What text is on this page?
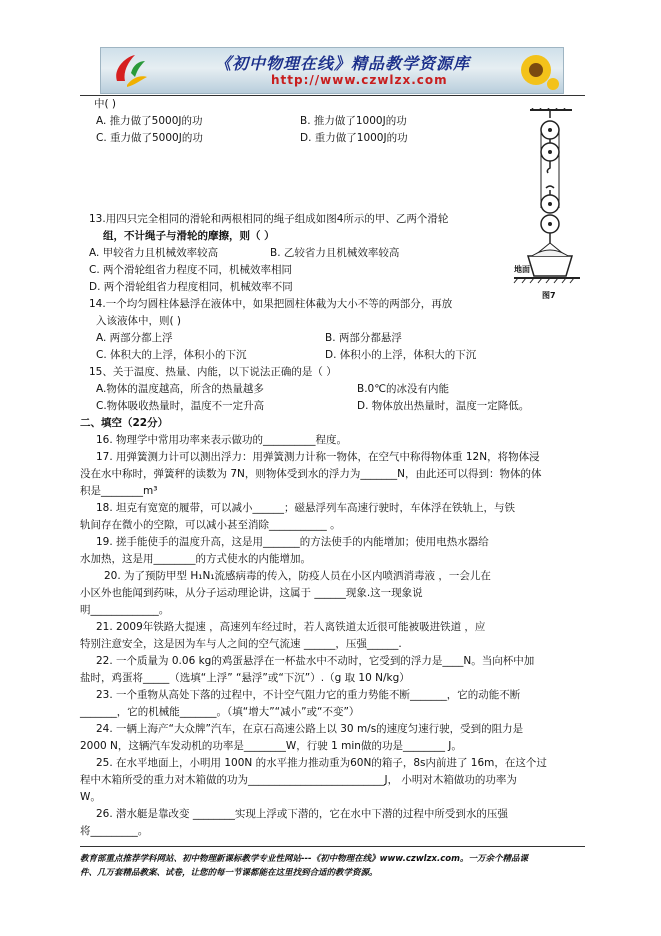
《初中物理在线》精品教学资源库
http://www.czwlzx.com
中( )
A. 推力做了5000J的功	B. 推力做了1000J的功
C. 重力做了5000J的功	D. 重力做了1000J的功
13.用四只完全相同的滑轮和两根相同的绳子组成如图4所示的甲、乙两个滑轮
组，不计绳子与滑轮的摩擦，则（ ）
A. 甲较省力且机械效率较高	B. 乙较省力且机械效率较高
C. 两个滑轮组省力程度不同，机械效率相同
D. 两个滑轮组省力程度相同，机械效率不同
14.一个均匀圆柱体悬浮在液体中，如果把圆柱体截为大小不等的两部分，再放
入该液体中，则( )
A. 两部分都上浮	B. 两部分都悬浮
C. 体积大的上浮，体积小的下沉	D. 体积小的上浮，体积大的下沉
15、关于温度、热量、内能，以下说法正确的是（ ）
A.物体的温度越高，所含的热量越多	B.0℃的冰没有内能
C.物体吸收热量时，温度不一定升高	D. 物体放出热量时，温度一定降低。
二、填空（22分）
16. 物理学中常用功率来表示做功的__________程度。
17. 用弹簧测力计可以测出浮力：用弹簧测力计称一物体，在空气中称得物体重 12N，将物体浸
没在水中称时，弹簧秤的读数为 7N，则物体受到水的浮力为_______N，由此还可以得到：物体的体
积是________m³
18. 坦克有宽宽的履带，可以减小______；磁悬浮列车高速行驶时，车体浮在铁轨上，与铁
轨间存在微小的空隙，可以减小甚至消除___________ 。
19. 搓手能使手的温度升高，这是用_______的方法使手的内能增加；使用电热水器给
水加热，这是用________的方式使水的内能增加。
20. 为了预防甲型 H₁N₁流感病毒的传入，防疫人员在小区内喷洒消毒液 ，一会儿在
小区外也能闻到药味，从分子运动理论讲，这属于 ______现象.这一现象说
明_____________。
21. 2009年铁路大提速 ，高速列车经过时，若人离铁道太近很可能被吸进铁道 ，应
特别注意安全，这是因为车与人之间的空气流速 ______，压强______.
22. 一个质量为 0.06 kg的鸡蛋悬浮在一杯盐水中不动时，它受到的浮力是____N。当向杯中加
盐时，鸡蛋将_____（选填“上浮” “悬浮”或“下沉”）.（g 取 10 N/kg）
23. 一个重物从高处下落的过程中，不计空气阻力它的重力势能不断_______，它的动能不断
_______，它的机械能_______。（填“增大”“减小”或“不变”）
24. 一辆上海产“大众牌”汽车，在京石高速公路上以 30 m/s的速度匀速行驶，受到的阻力是
2000 N，这辆汽车发动机的功率是________W，行驶 1 min做的功是________ J。
25. 在水平地面上，小明用 100N 的水平推力推动重为60N的箱子，8s内前进了 16m，在这个过
程中木箱所受的重力对木箱做的功为__________________________J， 小明对木箱做功的功率为
W。
26. 潜水艇是靠改变 ________实现上浮或下潜的，它在水中下潜的过程中所受到水的压强
将_________。
地面
图7
教育部重点推荐学科网站、初中物理新课标教学专业性网站---《初中物理在线》www.czwlzx.com。一万余个精品课
件、几万套精品教案、试卷，让您的每一节课都能在这里找到合适的教学资源。
